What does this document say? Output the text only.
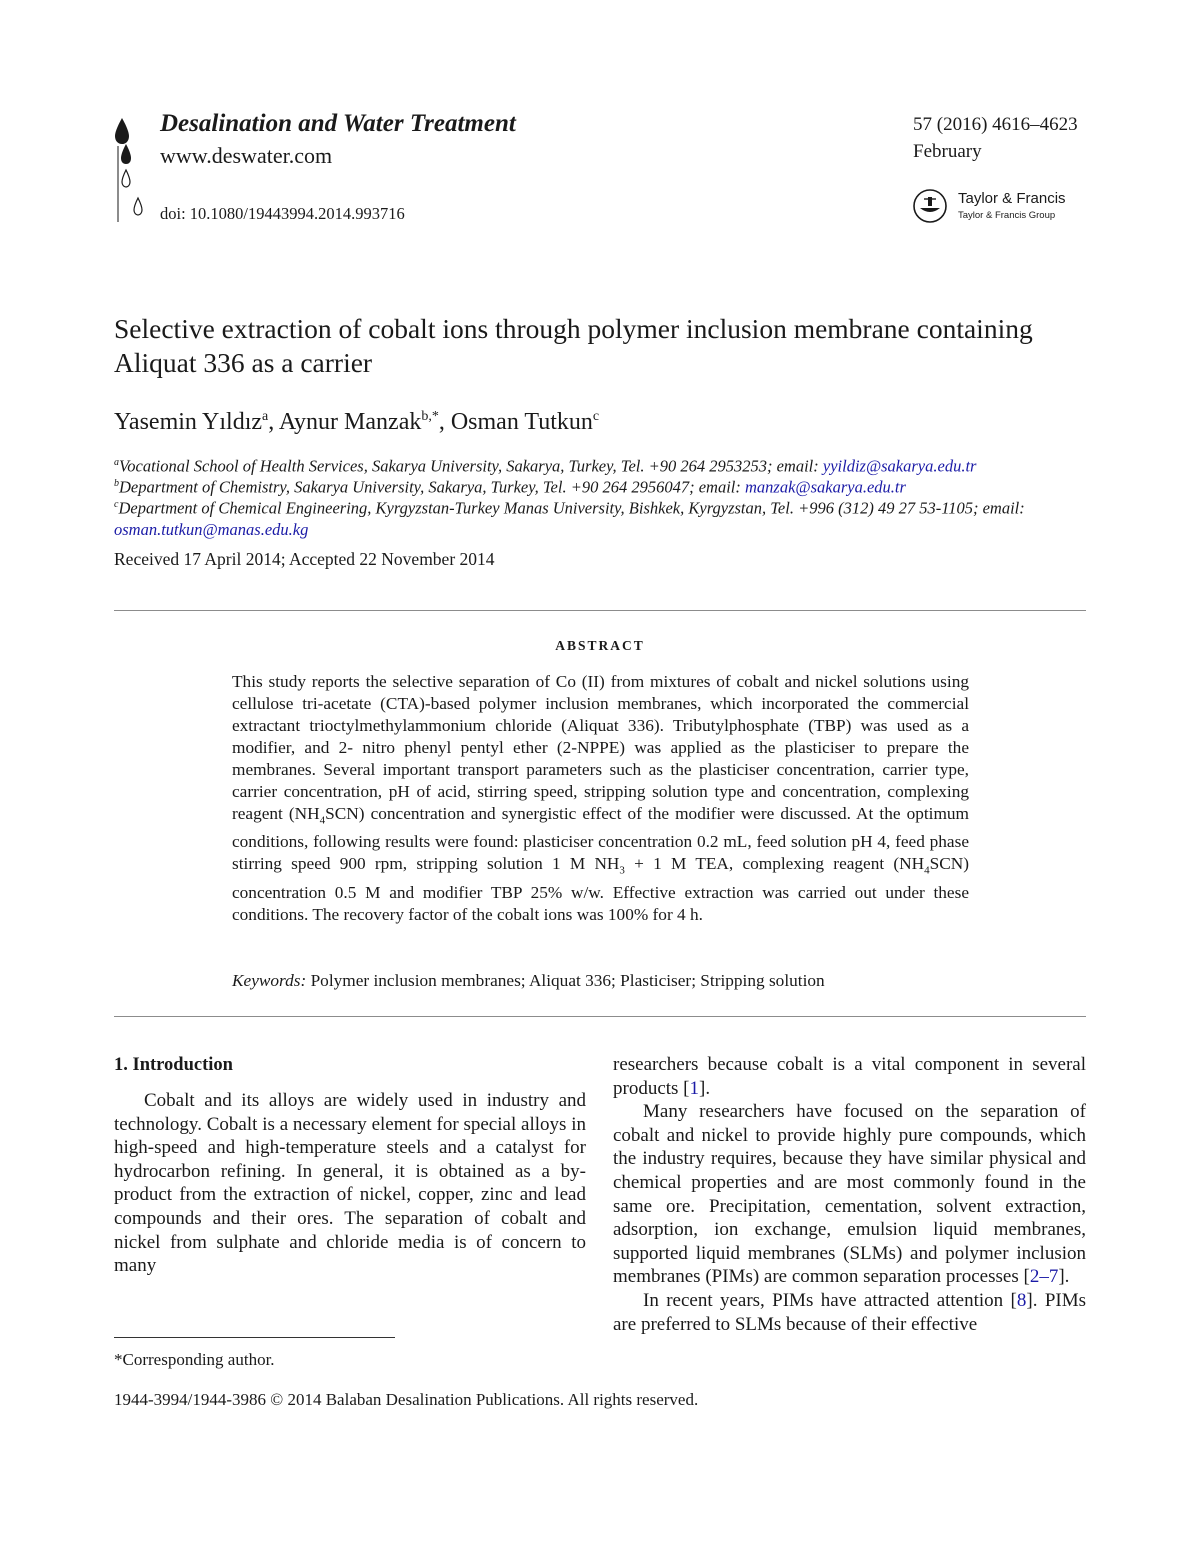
Desalination and Water Treatment
www.deswater.com
doi: 10.1080/19443994.2014.993716
57 (2016) 4616–4623
February
Taylor & Francis
Taylor & Francis Group
Selective extraction of cobalt ions through polymer inclusion membrane containing Aliquat 336 as a carrier
Yasemin Yıldız$^a$, Aynur Manzak$^{b,*}$, Osman Tutkun$^c$
$^a$Vocational School of Health Services, Sakarya University, Sakarya, Turkey, Tel. +90 264 2953253; email: yyildiz@sakarya.edu.tr
$^b$Department of Chemistry, Sakarya University, Sakarya, Turkey, Tel. +90 264 2956047; email: manzak@sakarya.edu.tr
$^c$Department of Chemical Engineering, Kyrgyzstan-Turkey Manas University, Bishkek, Kyrgyzstan, Tel. +996 (312) 49 27 53-1105; email: osman.tutkun@manas.edu.kg
Received 17 April 2014; Accepted 22 November 2014
ABSTRACT
This study reports the selective separation of Co (II) from mixtures of cobalt and nickel solutions using cellulose tri-acetate (CTA)-based polymer inclusion membranes, which incorporated the commercial extractant trioctylmethylammonium chloride (Aliquat 336). Tributylphosphate (TBP) was used as a modifier, and 2- nitro phenyl pentyl ether (2-NPPE) was applied as the plasticiser to prepare the membranes. Several important transport parameters such as the plasticiser concentration, carrier type, carrier concentration, pH of acid, stirring speed, stripping solution type and concentration, complexing reagent $(NH_4SCN)$ concentration and synergistic effect of the modifier were discussed. At the optimum conditions, following results were found: plasticiser concentration 0.2 mL, feed solution pH 4, feed phase stirring speed 900 rpm, stripping solution 1 M $NH_3 + 1$ M TEA, complexing reagent $(NH_4SCN)$ concentration 0.5 M and modifier TBP 25% w/w. Effective extraction was carried out under these conditions. The recovery factor of the cobalt ions was 100% for 4 h.
Keywords: Polymer inclusion membranes; Aliquat 336; Plasticiser; Stripping solution
1. Introduction
Cobalt and its alloys are widely used in industry and technology. Cobalt is a necessary element for special alloys in high-speed and high-temperature steels and a catalyst for hydrocarbon refining. In general, it is obtained as a by-product from the extraction of nickel, copper, zinc and lead compounds and their ores. The separation of cobalt and nickel from sulphate and chloride media is of concern to many

researchers because cobalt is a vital component in several products [1].

Many researchers have focused on the separation of cobalt and nickel to provide highly pure compounds, which the industry requires, because they have similar physical and chemical properties and are most commonly found in the same ore. Precipitation, cementation, solvent extraction, adsorption, ion exchange, emulsion liquid membranes, supported liquid membranes (SLMs) and polymer inclusion membranes (PIMs) are common separation processes [2–7].

In recent years, PIMs have attracted attention [8]. PIMs are preferred to SLMs because of their effective

*Corresponding author.
1944-3994/1944-3986 © 2014 Balaban Desalination Publications. All rights reserved.
